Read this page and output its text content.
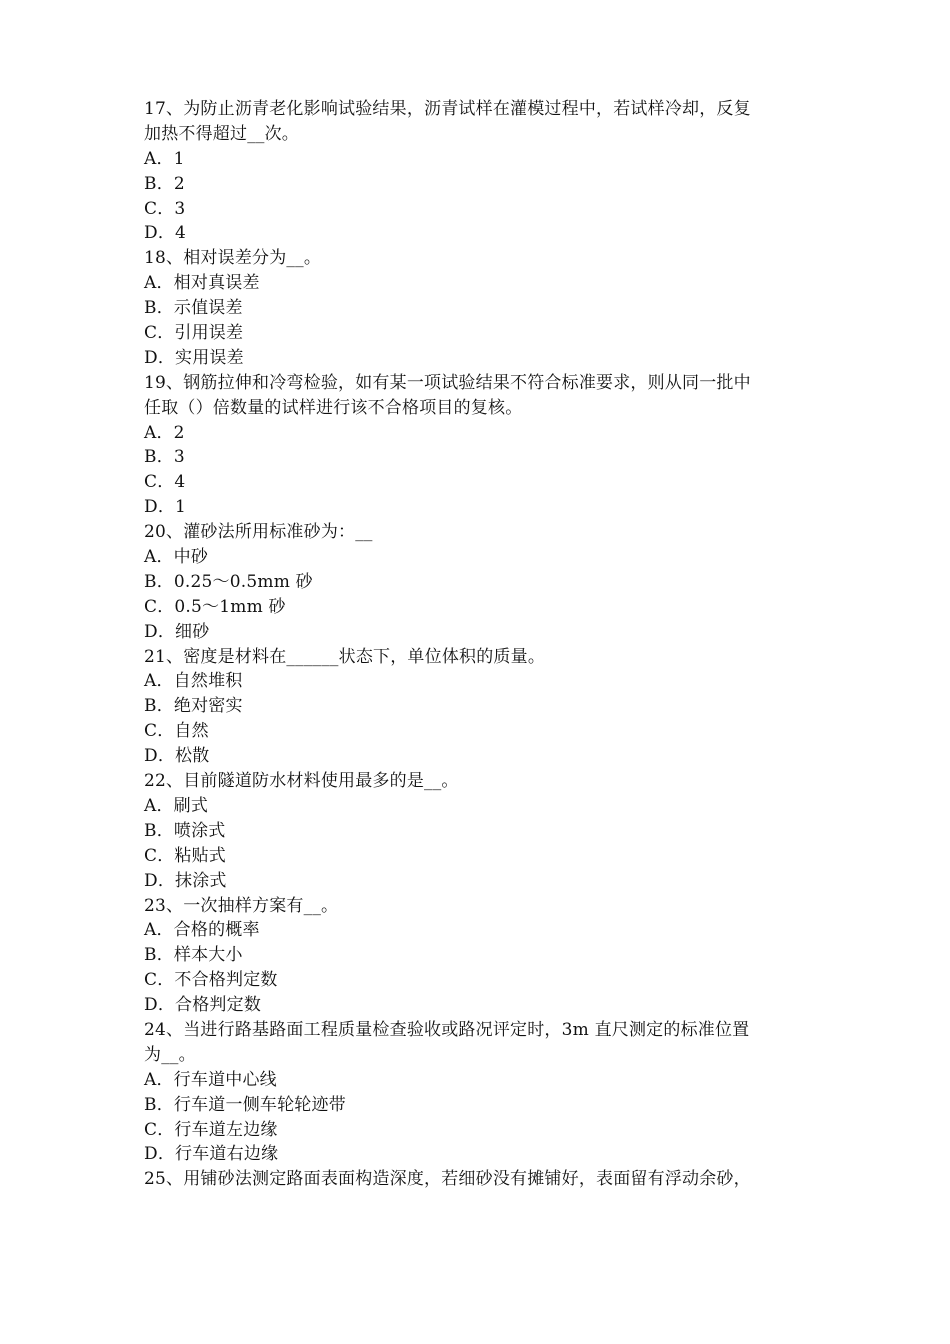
17、为防止沥青老化影响试验结果，沥青试样在灌模过程中，若试样冷却，反复
加热不得超过__次。
A．1
B．2
C．3
D．4
18、相对误差分为__。
A．相对真误差
B．示值误差
C．引用误差
D．实用误差
19、钢筋拉伸和冷弯检验，如有某一项试验结果不符合标准要求，则从同一批中
任取（）倍数量的试样进行该不合格项目的复核。
A．2
B．3
C．4
D．1
20、灌砂法所用标准砂为：__
A．中砂
B．0.25～0.5mm 砂
C．0.5～1mm 砂
D．细砂
21、密度是材料在______状态下，单位体积的质量。
A．自然堆积
B．绝对密实
C．自然
D．松散
22、目前隧道防水材料使用最多的是__。
A．刷式
B．喷涂式
C．粘贴式
D．抹涂式
23、一次抽样方案有__。
A．合格的概率
B．样本大小
C．不合格判定数
D．合格判定数
24、当进行路基路面工程质量检查验收或路况评定时，3m 直尺测定的标准位置
为__。
A．行车道中心线
B．行车道一侧车轮轮迹带
C．行车道左边缘
D．行车道右边缘
25、用铺砂法测定路面表面构造深度，若细砂没有摊铺好，表面留有浮动余砂，
